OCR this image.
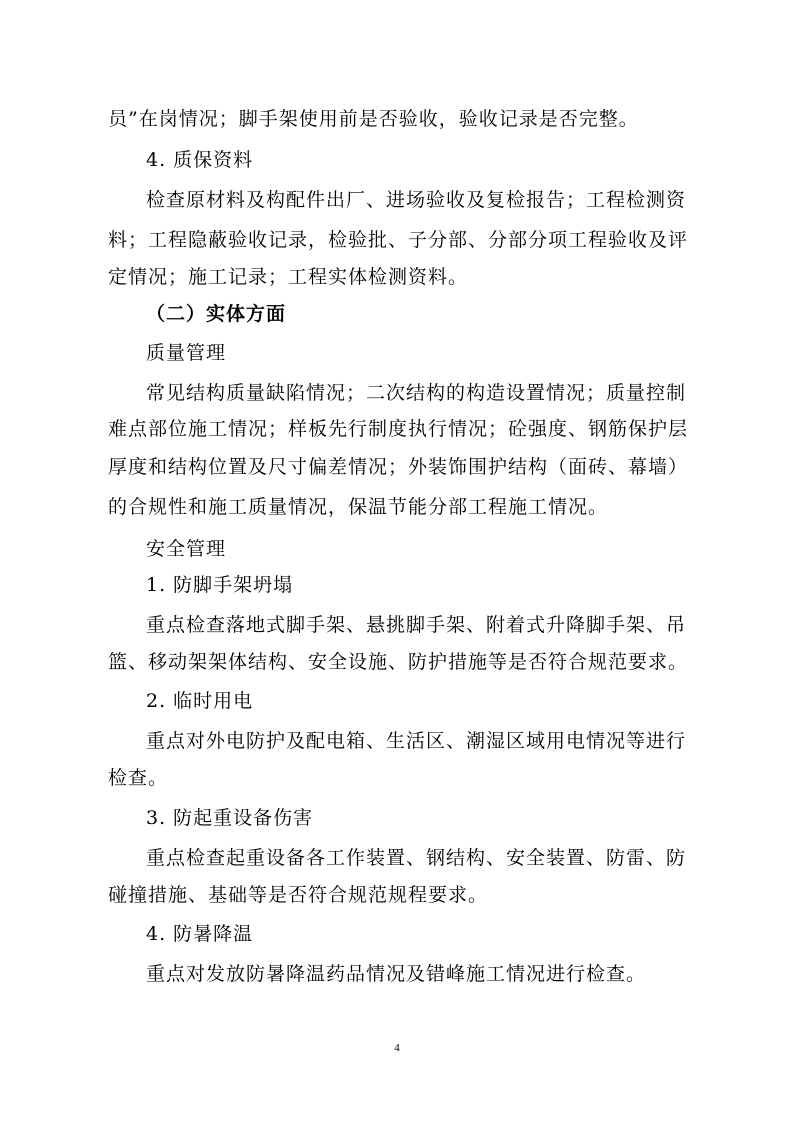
员”在岗情况；脚手架使用前是否验收，验收记录是否完整。
4. 质保资料
检查原材料及构配件出厂、进场验收及复检报告；工程检测资
料；工程隐蔽验收记录，检验批、子分部、分部分项工程验收及评
定情况；施工记录；工程实体检测资料。
（二）实体方面
质量管理
常见结构质量缺陷情况；二次结构的构造设置情况；质量控制
难点部位施工情况；样板先行制度执行情况；砼强度、钢筋保护层
厚度和结构位置及尺寸偏差情况；外装饰围护结构（面砖、幕墙）
的合规性和施工质量情况，保温节能分部工程施工情况。
安全管理
1. 防脚手架坍塌
重点检查落地式脚手架、悬挑脚手架、附着式升降脚手架、吊
篮、移动架架体结构、安全设施、防护措施等是否符合规范要求。
2. 临时用电
重点对外电防护及配电箱、生活区、潮湿区域用电情况等进行
检查。
3. 防起重设备伤害
重点检查起重设备各工作装置、钢结构、安全装置、防雷、防
碰撞措施、基础等是否符合规范规程要求。
4. 防暑降温
重点对发放防暑降温药品情况及错峰施工情况进行检查。
4
